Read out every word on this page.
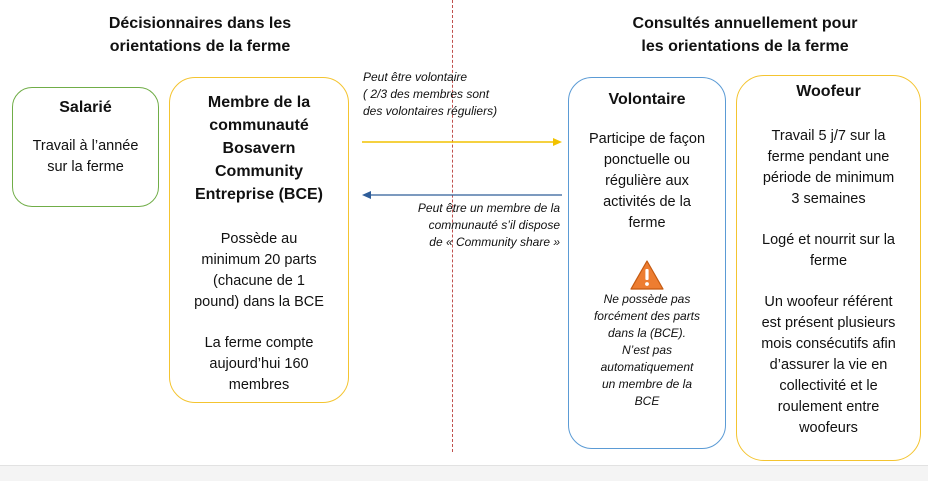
Décisionnaires dans les
orientations de la ferme
Consultés annuellement pour
les orientations de la ferme
Salarié
Travail à l’année
sur la ferme
Membre de la
communauté
Bosavern
Community
Entreprise (BCE)
Possède au
minimum 20 parts
(chacune de 1
pound) dans la BCE
La ferme compte
aujourd’hui 160
membres
Peut être volontaire
( 2/3 des membres sont
des volontaires réguliers)
Peut être un membre de la
communauté s’il dispose
de « Community share »
Volontaire
Participe de façon
ponctuelle ou
régulière aux
activités de la
ferme
Ne possède pas
forcément des parts
dans la (BCE).
N’est pas
automatiquement
un membre de la
BCE
Woofeur
Travail 5 j/7 sur la
ferme pendant une
période de minimum
3 semaines
Logé et nourrit sur la
ferme
Un woofeur référent
est présent plusieurs
mois consécutifs afin
d’assurer la vie en
collectivité et le
roulement entre
woofeurs
